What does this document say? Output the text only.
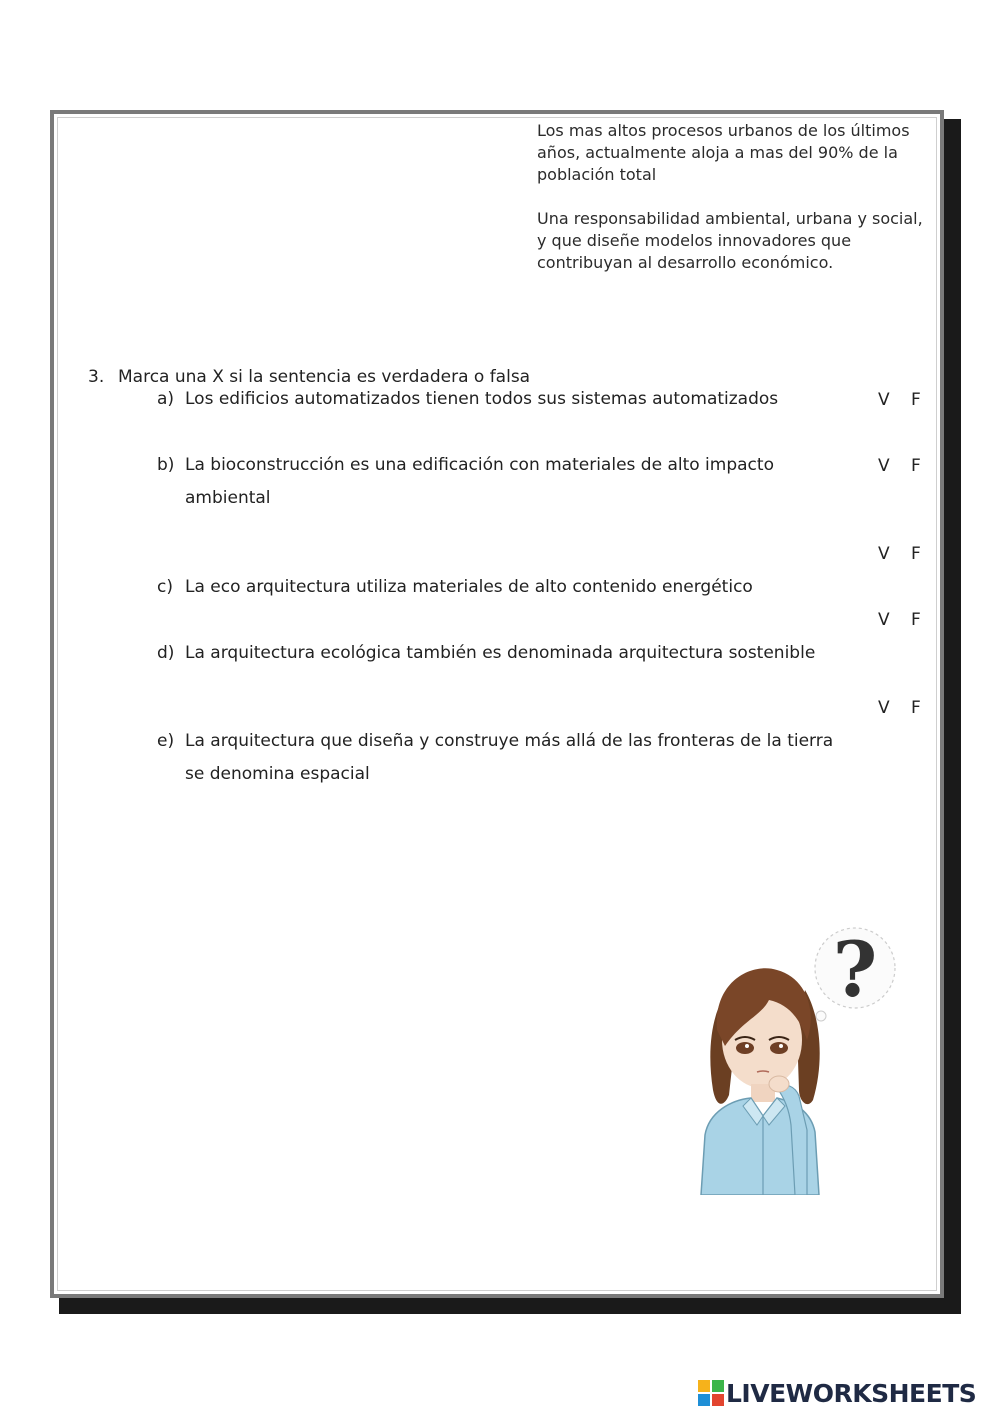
Los mas altos procesos urbanos de los últimos años, actualmente aloja a mas del 90% de la población total
Una responsabilidad ambiental, urbana y social, y que diseñe modelos innovadores que contribuyan al desarrollo económico.
3. Marca una X si la sentencia es verdadera o falsa
a) Los edificios automatizados tienen todos sus sistemas automatizados	V F
b) La bioconstrucción es una edificación con materiales de alto impacto ambiental
V F
V F
c) La eco arquitectura utiliza materiales de alto contenido energético
V F
d) La arquitectura ecológica también es denominada arquitectura sostenible
V F
e) La arquitectura que diseña y construye más allá de las fronteras de la tierra se denomina espacial
?
LIVEWORKSHEETS
